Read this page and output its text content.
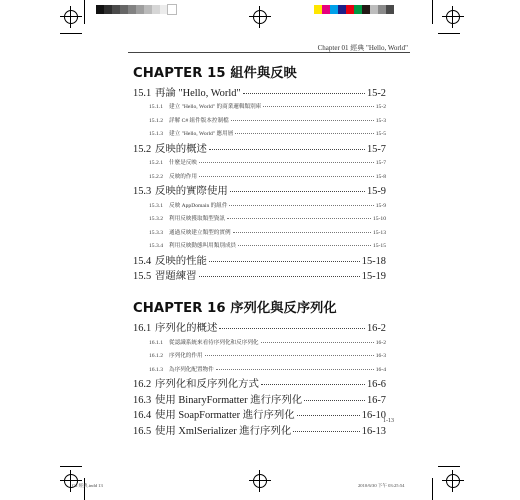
Chapter 01 經典 "Hello, World"
CHAPTER 15 組件與反映
15.1 再論 "Hello, World"	15-2
15.1.1	建立 "Hello, World" 的商業邏輯類別庫	15-2
15.1.2	詳解 C# 組件版本控制檔	15-3
15.1.3	建立 "Hello, World" 應用層	15-5
15.2 反映的概述	15-7
15.2.1	什麼是反映	15-7
15.2.2	反映的作用	15-8
15.3 反映的實際使用	15-9
15.3.1	反映 AppDomain 的組件	15-9
15.3.2	利用反映獲取類型資訊	15-10
15.3.3	通過反映建立類型的實例	15-13
15.3.4	利用反映動態叫用類別成員	15-15
15.4 反映的性能	15-18
15.5 習題練習	15-19
CHAPTER 16 序列化與反序列化
16.1 序列化的概述	16-2
16.1.1	從認識系統來看待序列化和反序列化	16-2
16.1.2	序列化的作用	16-3
16.1.3	為序列化配置物件	16-4
16.2 序列化和反序列化方式	16-6
16.3 使用 BinaryFormatter 進行序列化	16-7
16.4 使用 SoapFormatter 進行序列化	16-10
16.5 使用 XmlSerializer 進行序列化	16-13
1-13
C# 經典.indd 13	2010/6/30 下午 03:25:54
